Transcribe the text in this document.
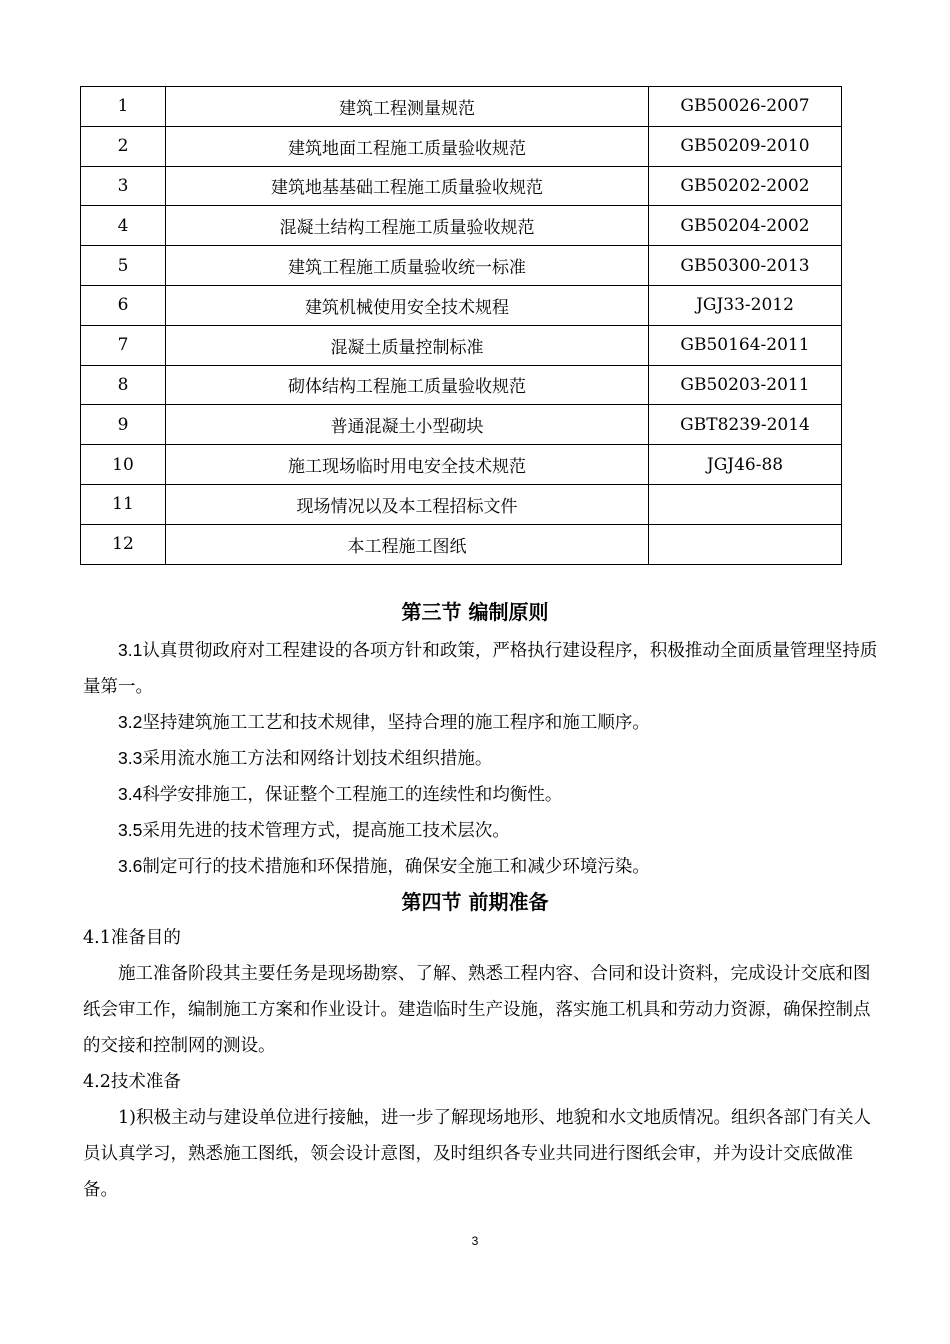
1	建筑工程测量规范	GB50026-2007
2	建筑地面工程施工质量验收规范	GB50209-2010
3	建筑地基基础工程施工质量验收规范	GB50202-2002
4	混凝土结构工程施工质量验收规范	GB50204-2002
5	建筑工程施工质量验收统一标准	GB50300-2013
6	建筑机械使用安全技术规程	JGJ33-2012
7	混凝土质量控制标准	GB50164-2011
8	砌体结构工程施工质量验收规范	GB50203-2011
9	普通混凝土小型砌块	GBT8239-2014
10	施工现场临时用电安全技术规范	JGJ46-88
11	现场情况以及本工程招标文件	
12	本工程施工图纸	
第三节 编制原则
3.1认真贯彻政府对工程建设的各项方针和政策，严格执行建设程序，积极推动全面质量管理坚持质量第一。
3.2坚持建筑施工工艺和技术规律，坚持合理的施工程序和施工顺序。
3.3采用流水施工方法和网络计划技术组织措施。
3.4科学安排施工，保证整个工程施工的连续性和均衡性。
3.5采用先进的技术管理方式，提高施工技术层次。
3.6制定可行的技术措施和环保措施，确保安全施工和减少环境污染。
第四节 前期准备
4.1准备目的
施工准备阶段其主要任务是现场勘察、了解、熟悉工程内容、合同和设计资料，完成设计交底和图纸会审工作，编制施工方案和作业设计。建造临时生产设施，落实施工机具和劳动力资源，确保控制点的交接和控制网的测设。
4.2技术准备
1)积极主动与建设单位进行接触，进一步了解现场地形、地貌和水文地质情况。组织各部门有关人员认真学习，熟悉施工图纸，领会设计意图，及时组织各专业共同进行图纸会审，并为设计交底做准备。
3
